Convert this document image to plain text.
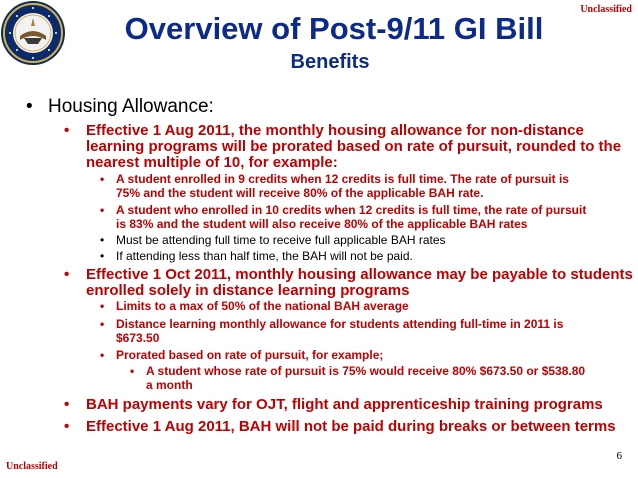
Unclassified
Overview of Post-9/11 GI Bill
Benefits
• Housing Allowance:
• Effective 1 Aug 2011, the monthly housing allowance for non-distance
learning programs will be prorated based on rate of pursuit, rounded to the
nearest multiple of 10, for example:
• A student enrolled in 9 credits when 12 credits is full time. The rate of pursuit is
75% and the student will receive 80% of the applicable BAH rate.
• A student who enrolled in 10 credits when 12 credits is full time, the rate of pursuit
is 83% and the student will also receive 80% of the applicable BAH rates
• Must be attending full time to receive full applicable BAH rates
• If attending less than half time, the BAH will not be paid.
• Effective 1 Oct 2011, monthly housing allowance may be payable to students
enrolled solely in distance learning programs
• Limits to a max of 50% of the national BAH average
• Distance learning monthly allowance for students attending full-time in 2011 is
$673.50
• Prorated based on rate of pursuit, for example;
• A student whose rate of pursuit is 75% would receive 80% $673.50 or $538.80
a month
• BAH payments vary for OJT, flight and apprenticeship training programs
• Effective 1 Aug 2011, BAH will not be paid during breaks or between terms
6
Unclassified
